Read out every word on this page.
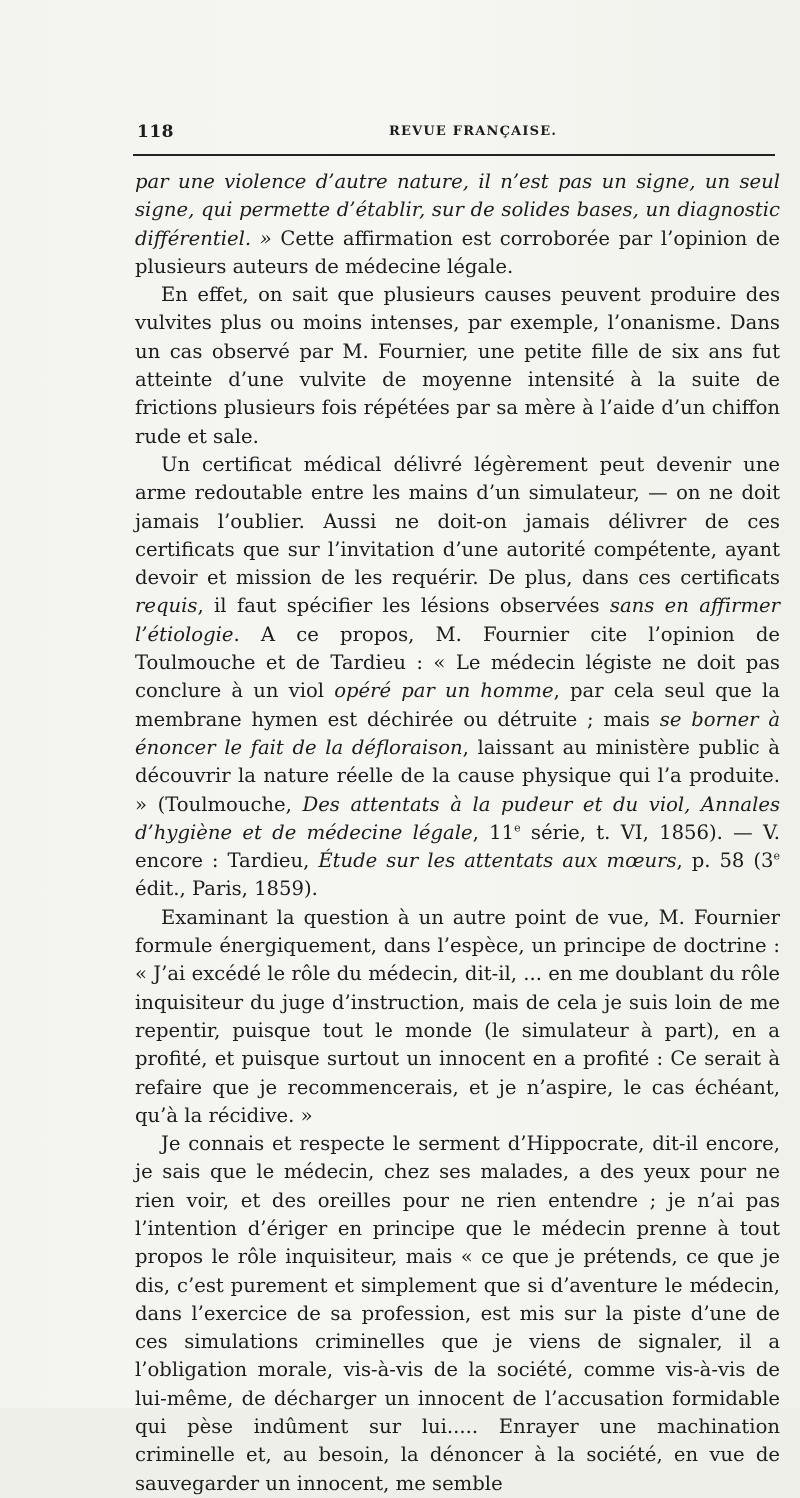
118	REVUE FRANÇAISE.

par une violence d’autre nature, il n’est pas un signe, un seul signe, qui permette d’établir, sur de solides bases, un diagnostic différentiel. » Cette affirmation est corroborée par l’opinion de plusieurs auteurs de médecine légale.

En effet, on sait que plusieurs causes peuvent produire des vulvites plus ou moins intenses, par exemple, l’onanisme. Dans un cas observé par M. Fournier, une petite fille de six ans fut atteinte d’une vulvite de moyenne intensité à la suite de frictions plusieurs fois répétées par sa mère à l’aide d’un chiffon rude et sale.

Un certificat médical délivré légèrement peut devenir une arme redoutable entre les mains d’un simulateur, — on ne doit jamais l’oublier. Aussi ne doit-on jamais délivrer de ces certificats que sur l’invitation d’une autorité compétente, ayant devoir et mission de les requérir. De plus, dans ces certificats requis, il faut spécifier les lésions observées sans en affirmer l’étiologie. A ce propos, M. Fournier cite l’opinion de Toulmouche et de Tardieu : « Le médecin légiste ne doit pas conclure à un viol opéré par un homme, par cela seul que la membrane hymen est déchirée ou détruite ; mais se borner à énoncer le fait de la défloraison, laissant au ministère public à découvrir la nature réelle de la cause physique qui l’a produite. » (Toulmouche, Des attentats à la pudeur et du viol, Annales d’hygiène et de médecine légale, 11e série, t. VI, 1856). — V. encore : Tardieu, Étude sur les attentats aux mœurs, p. 58 (3e édit., Paris, 1859).

Examinant la question à un autre point de vue, M. Fournier formule énergiquement, dans l’espèce, un principe de doctrine : « J’ai excédé le rôle du médecin, dit-il, ... en me doublant du rôle inquisiteur du juge d’instruction, mais de cela je suis loin de me repentir, puisque tout le monde (le simulateur à part), en a profité, et puisque surtout un innocent en a profité : Ce serait à refaire que je recommencerais, et je n’aspire, le cas échéant, qu’à la récidive. »

Je connais et respecte le serment d’Hippocrate, dit-il encore, je sais que le médecin, chez ses malades, a des yeux pour ne rien voir, et des oreilles pour ne rien entendre ; je n’ai pas l’intention d’ériger en principe que le médecin prenne à tout propos le rôle inquisiteur, mais « ce que je prétends, ce que je dis, c’est purement et simplement que si d’aventure le médecin, dans l’exercice de sa profession, est mis sur la piste d’une de ces simulations criminelles que je viens de signaler, il a l’obligation morale, vis-à-vis de la société, comme vis-à-vis de lui-même, de décharger un innocent de l’accusation formidable qui pèse indûment sur lui..... Enrayer une machination criminelle et, au besoin, la dénoncer à la société, en vue de sauvegarder un innocent, me semble
